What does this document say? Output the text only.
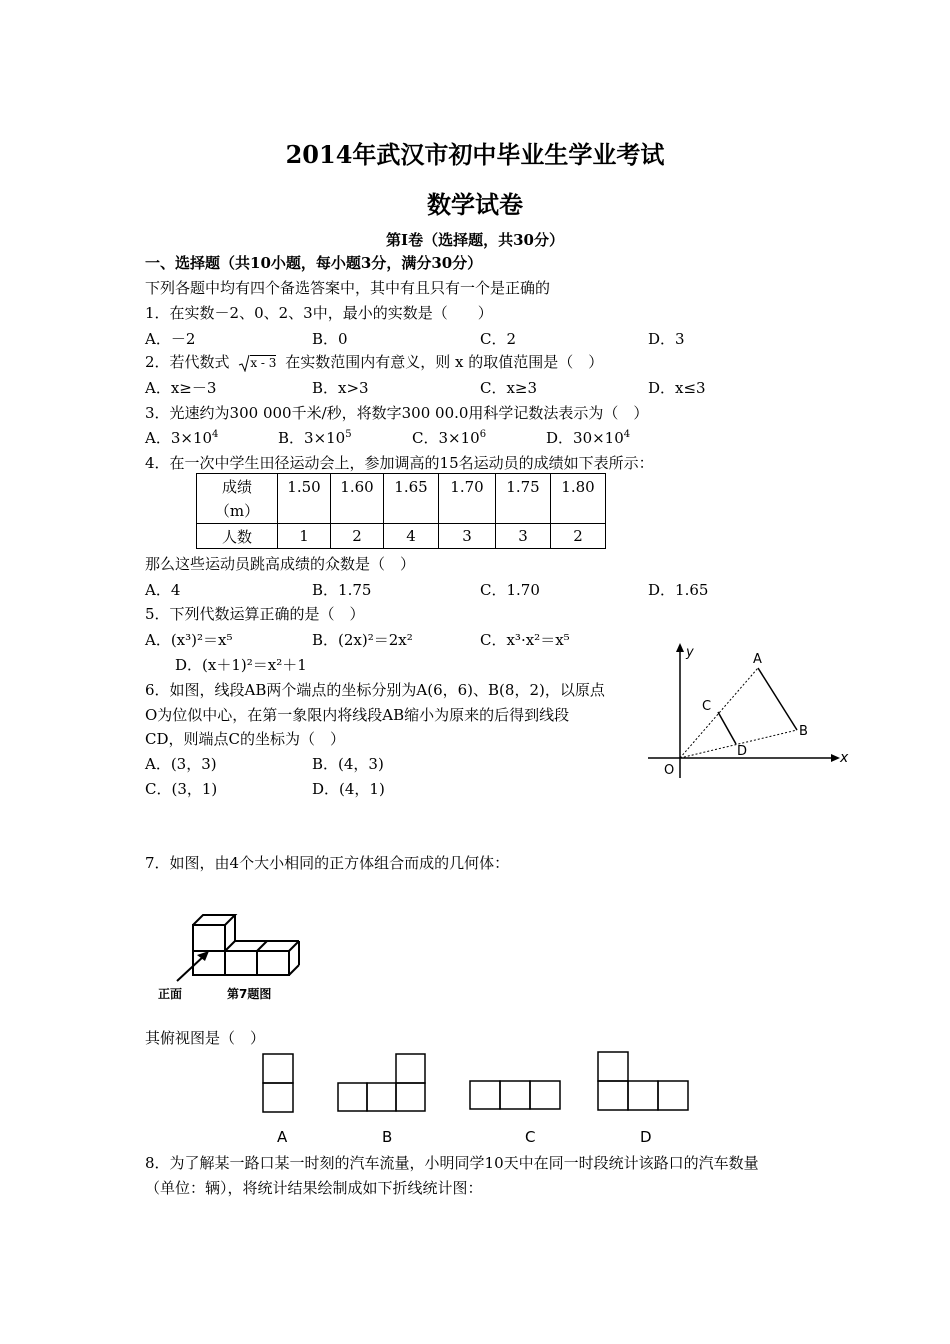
2014年武汉市初中毕业生学业考试
数学试卷
第Ⅰ卷（选择题，共30分）
一、选择题（共10小题，每小题3分，满分30分）
下列各题中均有四个备选答案中，其中有且只有一个是正确的
1．在实数－2、0、2、3中，最小的实数是（　　）
A．－2	B．0	C．2	D．3
2．若代数式 x - 3 在实数范围内有意义，则 x 的取值范围是（　）
A．x≥－3	B．x>3	C．x≥3	D．x≤3
3．光速约为300 000千米/秒，将数字300 00.0用科学记数法表示为（　）
A．$3\times 10^4$	B．$3\times 10^5$	C．$3\times 10^6$	D．$30\times 10^4$
4．在一次中学生田径运动会上，参加调高的15名运动员的成绩如下表所示：
成绩
（m）	1.50	1.60	1.65	1.70	1.75	1.80
人数	1	2	4	3	3	2
那么这些运动员跳高成绩的众数是（　）
A．4	B．1.75	C．1.70	D．1.65
5．下列代数运算正确的是（　）
A．(x³)²＝x⁵	B．(2x)²＝2x²	C．x³·x²＝x⁵
D．(x＋1)²＝x²＋1
6．如图，线段AB两个端点的坐标分别为A(6，6)、B(8，2)，以原点
O为位似中心，在第一象限内将线段AB缩小为原来的后得到线段
CD，则端点C的坐标为（　）
A．(3，3)	B．(4，3)
C．(3，1)	D．(4，1)
y
x
O
A
B
C
D
7．如图，由4个大小相同的正方体组合而成的几何体：
正面	第7题图
其俯视图是（　）
A	B	C	D
8．为了解某一路口某一时刻的汽车流量，小明同学10天中在同一时段统计该路口的汽车数量
（单位：辆），将统计结果绘制成如下折线统计图：
